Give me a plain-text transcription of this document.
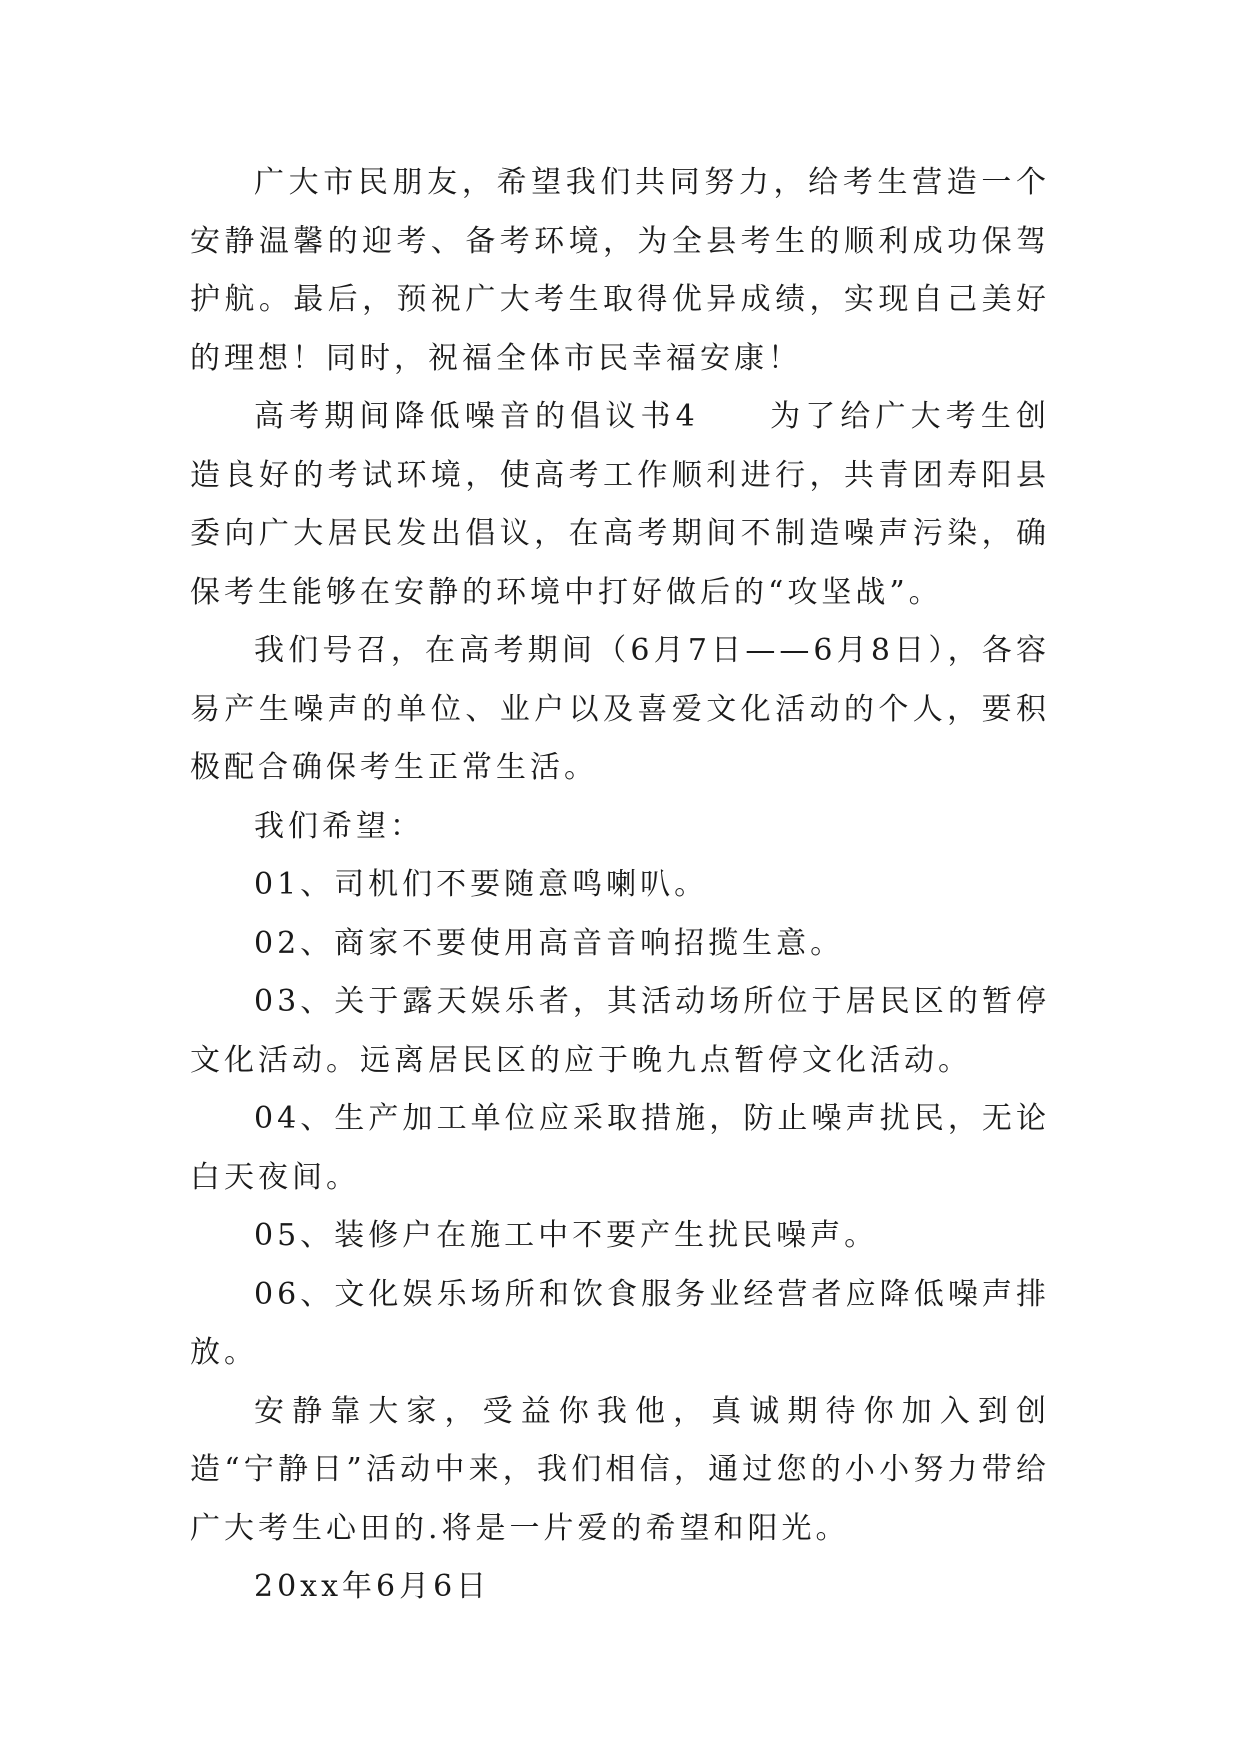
广大市民朋友，希望我们共同努力，给考生营造一个安静温馨的迎考、备考环境，为全县考生的顺利成功保驾护航。最后，预祝广大考生取得优异成绩，实现自己美好的理想！同时，祝福全体市民幸福安康！

高考期间降低噪音的倡议书4　　为了给广大考生创造良好的考试环境，使高考工作顺利进行，共青团寿阳县委向广大居民发出倡议，在高考期间不制造噪声污染，确保考生能够在安静的环境中打好做后的“攻坚战”。

我们号召，在高考期间（6月7日——6月8日），各容易产生噪声的单位、业户以及喜爱文化活动的个人，要积极配合确保考生正常生活。

我们希望：

01、司机们不要随意鸣喇叭。

02、商家不要使用高音音响招揽生意。

03、关于露天娱乐者，其活动场所位于居民区的暂停文化活动。远离居民区的应于晚九点暂停文化活动。

04、生产加工单位应采取措施，防止噪声扰民，无论白天夜间。

05、装修户在施工中不要产生扰民噪声。

06、文化娱乐场所和饮食服务业经营者应降低噪声排放。

安静靠大家，受益你我他，真诚期待你加入到创造“宁静日”活动中来，我们相信，通过您的小小努力带给广大考生心田的.将是一片爱的希望和阳光。

20xx年6月6日
